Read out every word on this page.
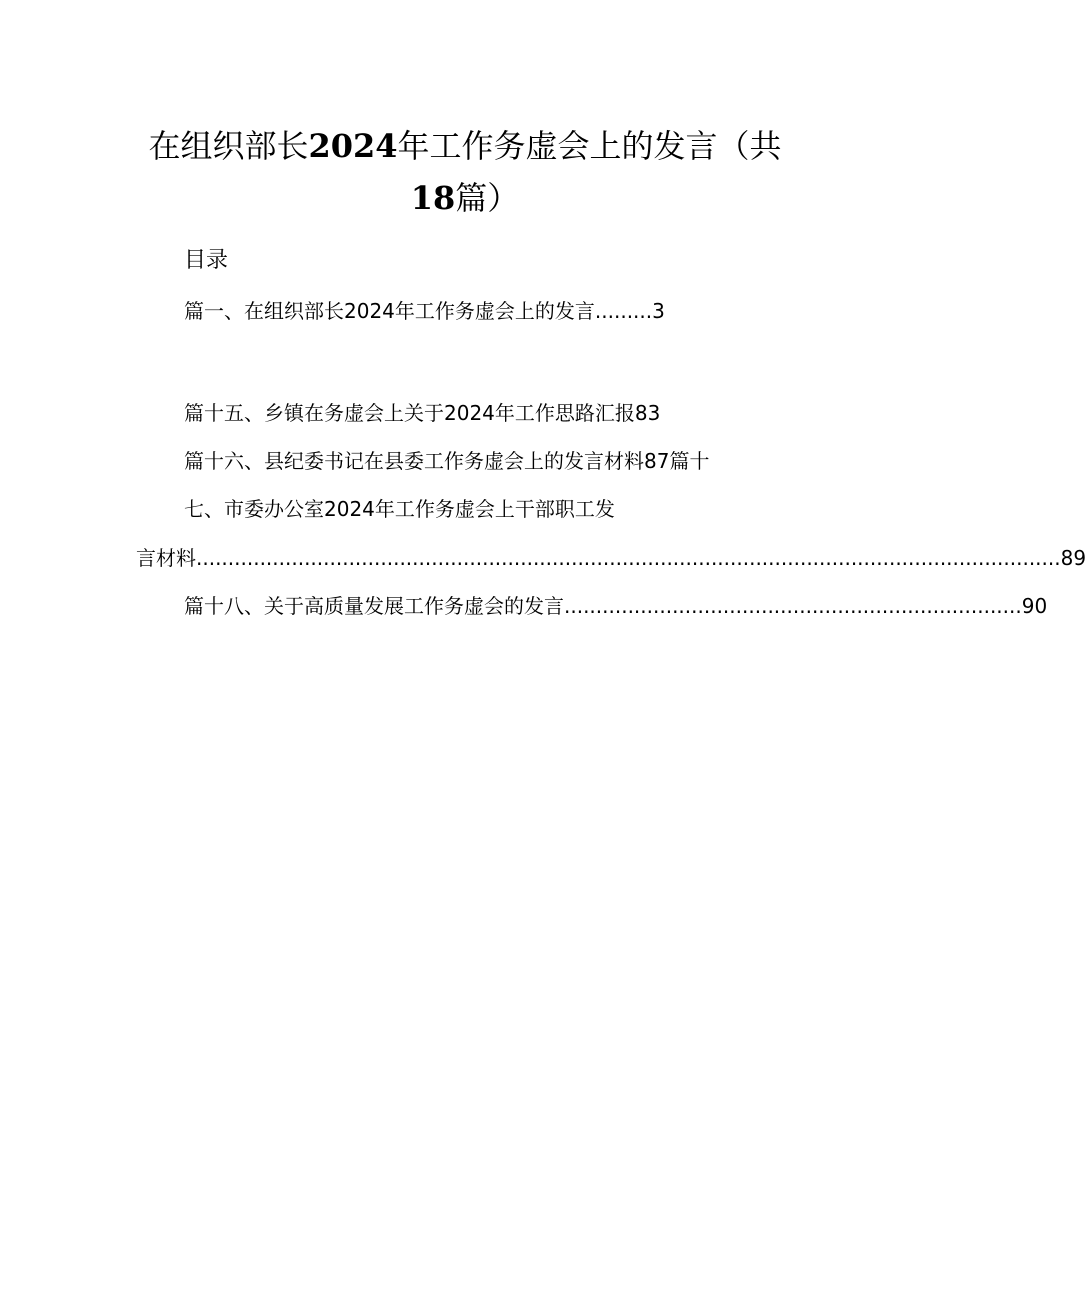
在组织部长2024年工作务虚会上的发言（共
18篇）
目录
篇一、在组织部长2024年工作务虚会上的发言.........3
篇十五、乡镇在务虚会上关于2024年工作思路汇报83
篇十六、县纪委书记在县委工作务虚会上的发言材料87篇十
七、市委办公室2024年工作务虚会上干部职工发
言材料 ........................................................................................................................................ 89
篇十八、关于高质量发展工作务虚会的发言 ........................................................................ 90
